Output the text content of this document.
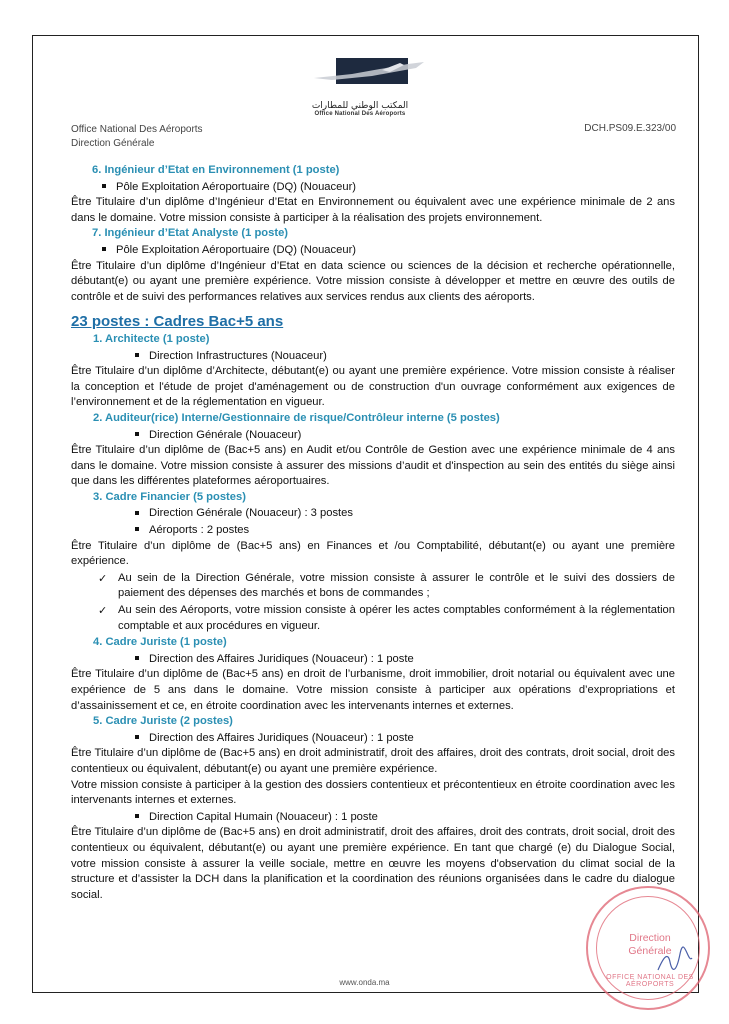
المكتب الوطني للمطارات
Office National Des Aéroports
Office National Des Aéroports
Direction Générale
DCH.PS09.E.323/00
6. Ingénieur d’Etat en Environnement (1 poste)
Pôle Exploitation Aéroportuaire (DQ) (Nouaceur)

Être Titulaire d’un diplôme d’Ingénieur d’Etat en Environnement ou équivalent avec une expérience minimale de 2 ans dans le domaine. Votre mission consiste à participer à la réalisation des projets environnement.

7. Ingénieur d’Etat Analyste (1 poste)
Pôle Exploitation Aéroportuaire (DQ) (Nouaceur)

Être Titulaire d’un diplôme d’Ingénieur d’Etat en data science ou sciences de la décision et recherche opérationnelle, débutant(e) ou ayant une première expérience. Votre mission consiste à développer et mettre en œuvre des outils de contrôle et de suivi des performances relatives aux services rendus aux clients des aéroports.

23 postes : Cadres Bac+5 ans
1. Architecte (1 poste)
Direction Infrastructures (Nouaceur)

Être Titulaire d’un diplôme d’Architecte, débutant(e) ou ayant une première expérience. Votre mission consiste à réaliser la conception et l'étude de projet d'aménagement ou de construction d'un ouvrage conformément aux exigences de l’environnement et de la réglementation en vigueur.

2. Auditeur(rice) Interne/Gestionnaire de risque/Contrôleur interne (5 postes)
Direction Générale (Nouaceur)

Être Titulaire d’un diplôme de (Bac+5 ans) en Audit et/ou Contrôle de Gestion avec une expérience minimale de 4 ans dans le domaine. Votre mission consiste à assurer des missions d’audit et d'inspection au sein des entités du siège ainsi que dans les différentes plateformes aéroportuaires.

3. Cadre Financier (5 postes)
Direction Générale (Nouaceur) : 3 postes
Aéroports : 2 postes

Être Titulaire d’un diplôme de (Bac+5 ans) en Finances et /ou Comptabilité, débutant(e) ou ayant une première expérience.

✓ Au sein de la Direction Générale, votre mission consiste à assurer le contrôle et le suivi des dossiers de paiement des dépenses des marchés et bons de commandes ;

✓ Au sein des Aéroports, votre mission consiste à opérer les actes comptables conformément à la réglementation comptable et aux procédures en vigueur.

4. Cadre Juriste (1 poste)
Direction des Affaires Juridiques (Nouaceur) : 1 poste

Être Titulaire d’un diplôme de (Bac+5 ans) en droit de l’urbanisme, droit immobilier, droit notarial ou équivalent avec une expérience de 5 ans dans le domaine. Votre mission consiste à participer aux opérations d’expropriations et d’assainissement et ce, en étroite coordination avec les intervenants internes et externes.

5. Cadre Juriste (2 postes)
Direction des Affaires Juridiques (Nouaceur) : 1 poste

Être Titulaire d’un diplôme de (Bac+5 ans) en droit administratif, droit des affaires, droit des contrats, droit social, droit des contentieux ou équivalent, débutant(e) ou ayant une première expérience.

Votre mission consiste à participer à la gestion des dossiers contentieux et précontentieux en étroite coordination avec les intervenants internes et externes.

Direction Capital Humain (Nouaceur) : 1 poste

Être Titulaire d’un diplôme de (Bac+5 ans) en droit administratif, droit des affaires, droit des contrats, droit social, droit des contentieux ou équivalent, débutant(e) ou ayant une première expérience. En tant que chargé (e) du Dialogue Social, votre mission consiste à assurer la veille sociale, mettre en œuvre les moyens d'observation du climat social de la structure et d’assister la DCH dans la planification et la coordination des réunions organisées dans le cadre du dialogue social.

Direction
Générale
OFFICE NATIONAL DES AÉROPORTS
www.onda.ma
